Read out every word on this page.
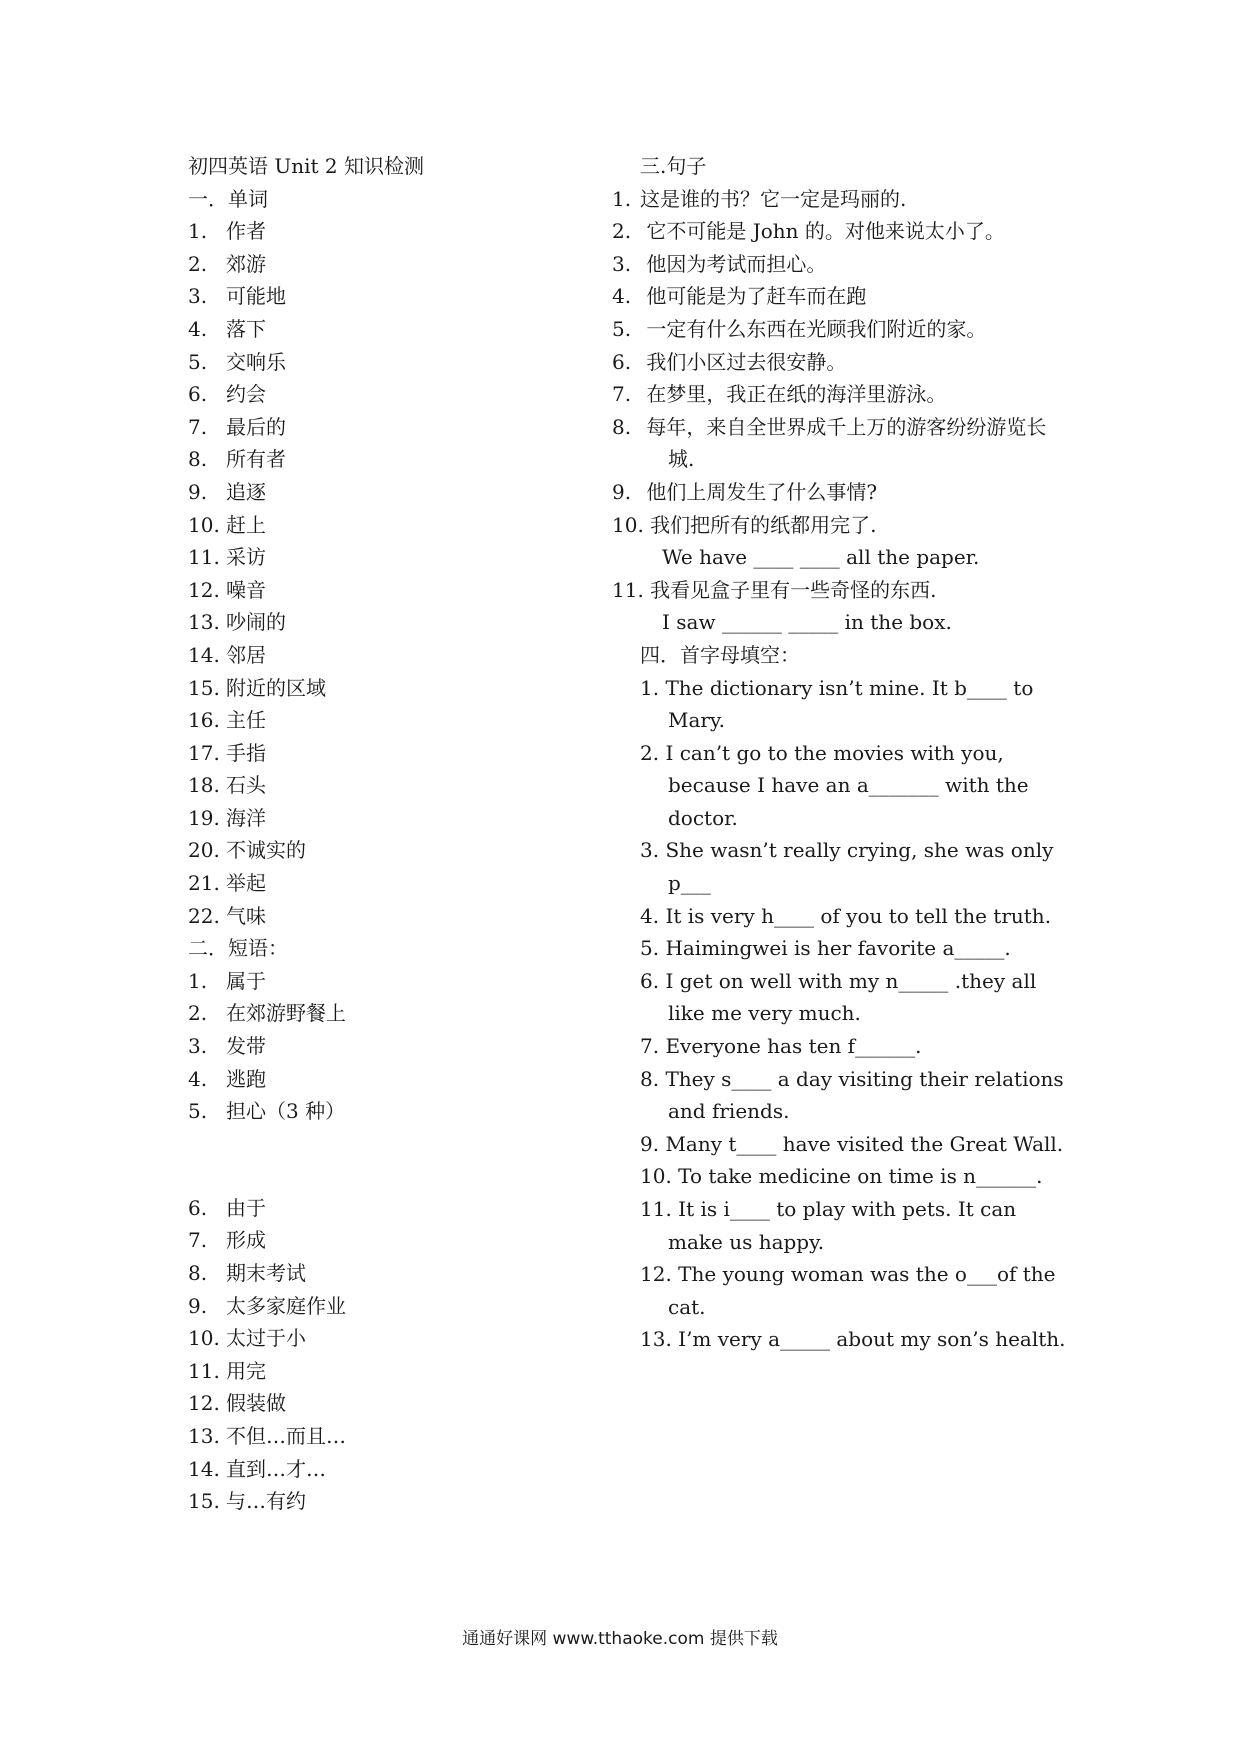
初四英语 Unit 2 知识检测
一．单词
1. 作者
2. 郊游
3. 可能地
4. 落下
5. 交响乐
6. 约会
7. 最后的
8. 所有者
9. 追逐
10. 赶上
11. 采访
12. 噪音
13. 吵闹的
14. 邻居
15. 附近的区域
16. 主任
17. 手指
18. 石头
19. 海洋
20. 不诚实的
21. 举起
22. 气味
二．短语：
1. 属于
2. 在郊游野餐上
3. 发带
4. 逃跑
5. 担心（3 种）
6. 由于
7. 形成
8. 期末考试
9. 太多家庭作业
10. 太过于小
11. 用完
12. 假装做
13. 不但…而且…
14. 直到…才…
15. 与…有约
三.句子
1. 这是谁的书？它一定是玛丽的.
2. 它不可能是 John 的。对他来说太小了。
3. 他因为考试而担心。
4. 他可能是为了赶车而在跑
5. 一定有什么东西在光顾我们附近的家。
6. 我们小区过去很安静。
7. 在梦里，我正在纸的海洋里游泳。
8. 每年，来自全世界成千上万的游客纷纷游览长城.
9. 他们上周发生了什么事情?
10. 我们把所有的纸都用完了.
We have ____ ____ all the paper.
11. 我看见盒子里有一些奇怪的东西.
I saw ______ _____ in the box.
四．首字母填空：
1. The dictionary isn’t mine. It b____ to Mary.
2. I can’t go to the movies with you, because I have an a_______ with the doctor.
3. She wasn’t really crying, she was only p___
4. It is very h____ of you to tell the truth.
5. Haimingwei is her favorite a_____.
6. I get on well with my n_____ .they all like me very much.
7. Everyone has ten f______.
8. They s____ a day visiting their relations and friends.
9. Many t____ have visited the Great Wall.
10. To take medicine on time is n______.
11. It is i____ to play with pets. It can make us happy.
12. The young woman was the o___of the cat.
13. I’m very a_____ about my son’s health.
通通好课网 www.tthaoke.com 提供下载
